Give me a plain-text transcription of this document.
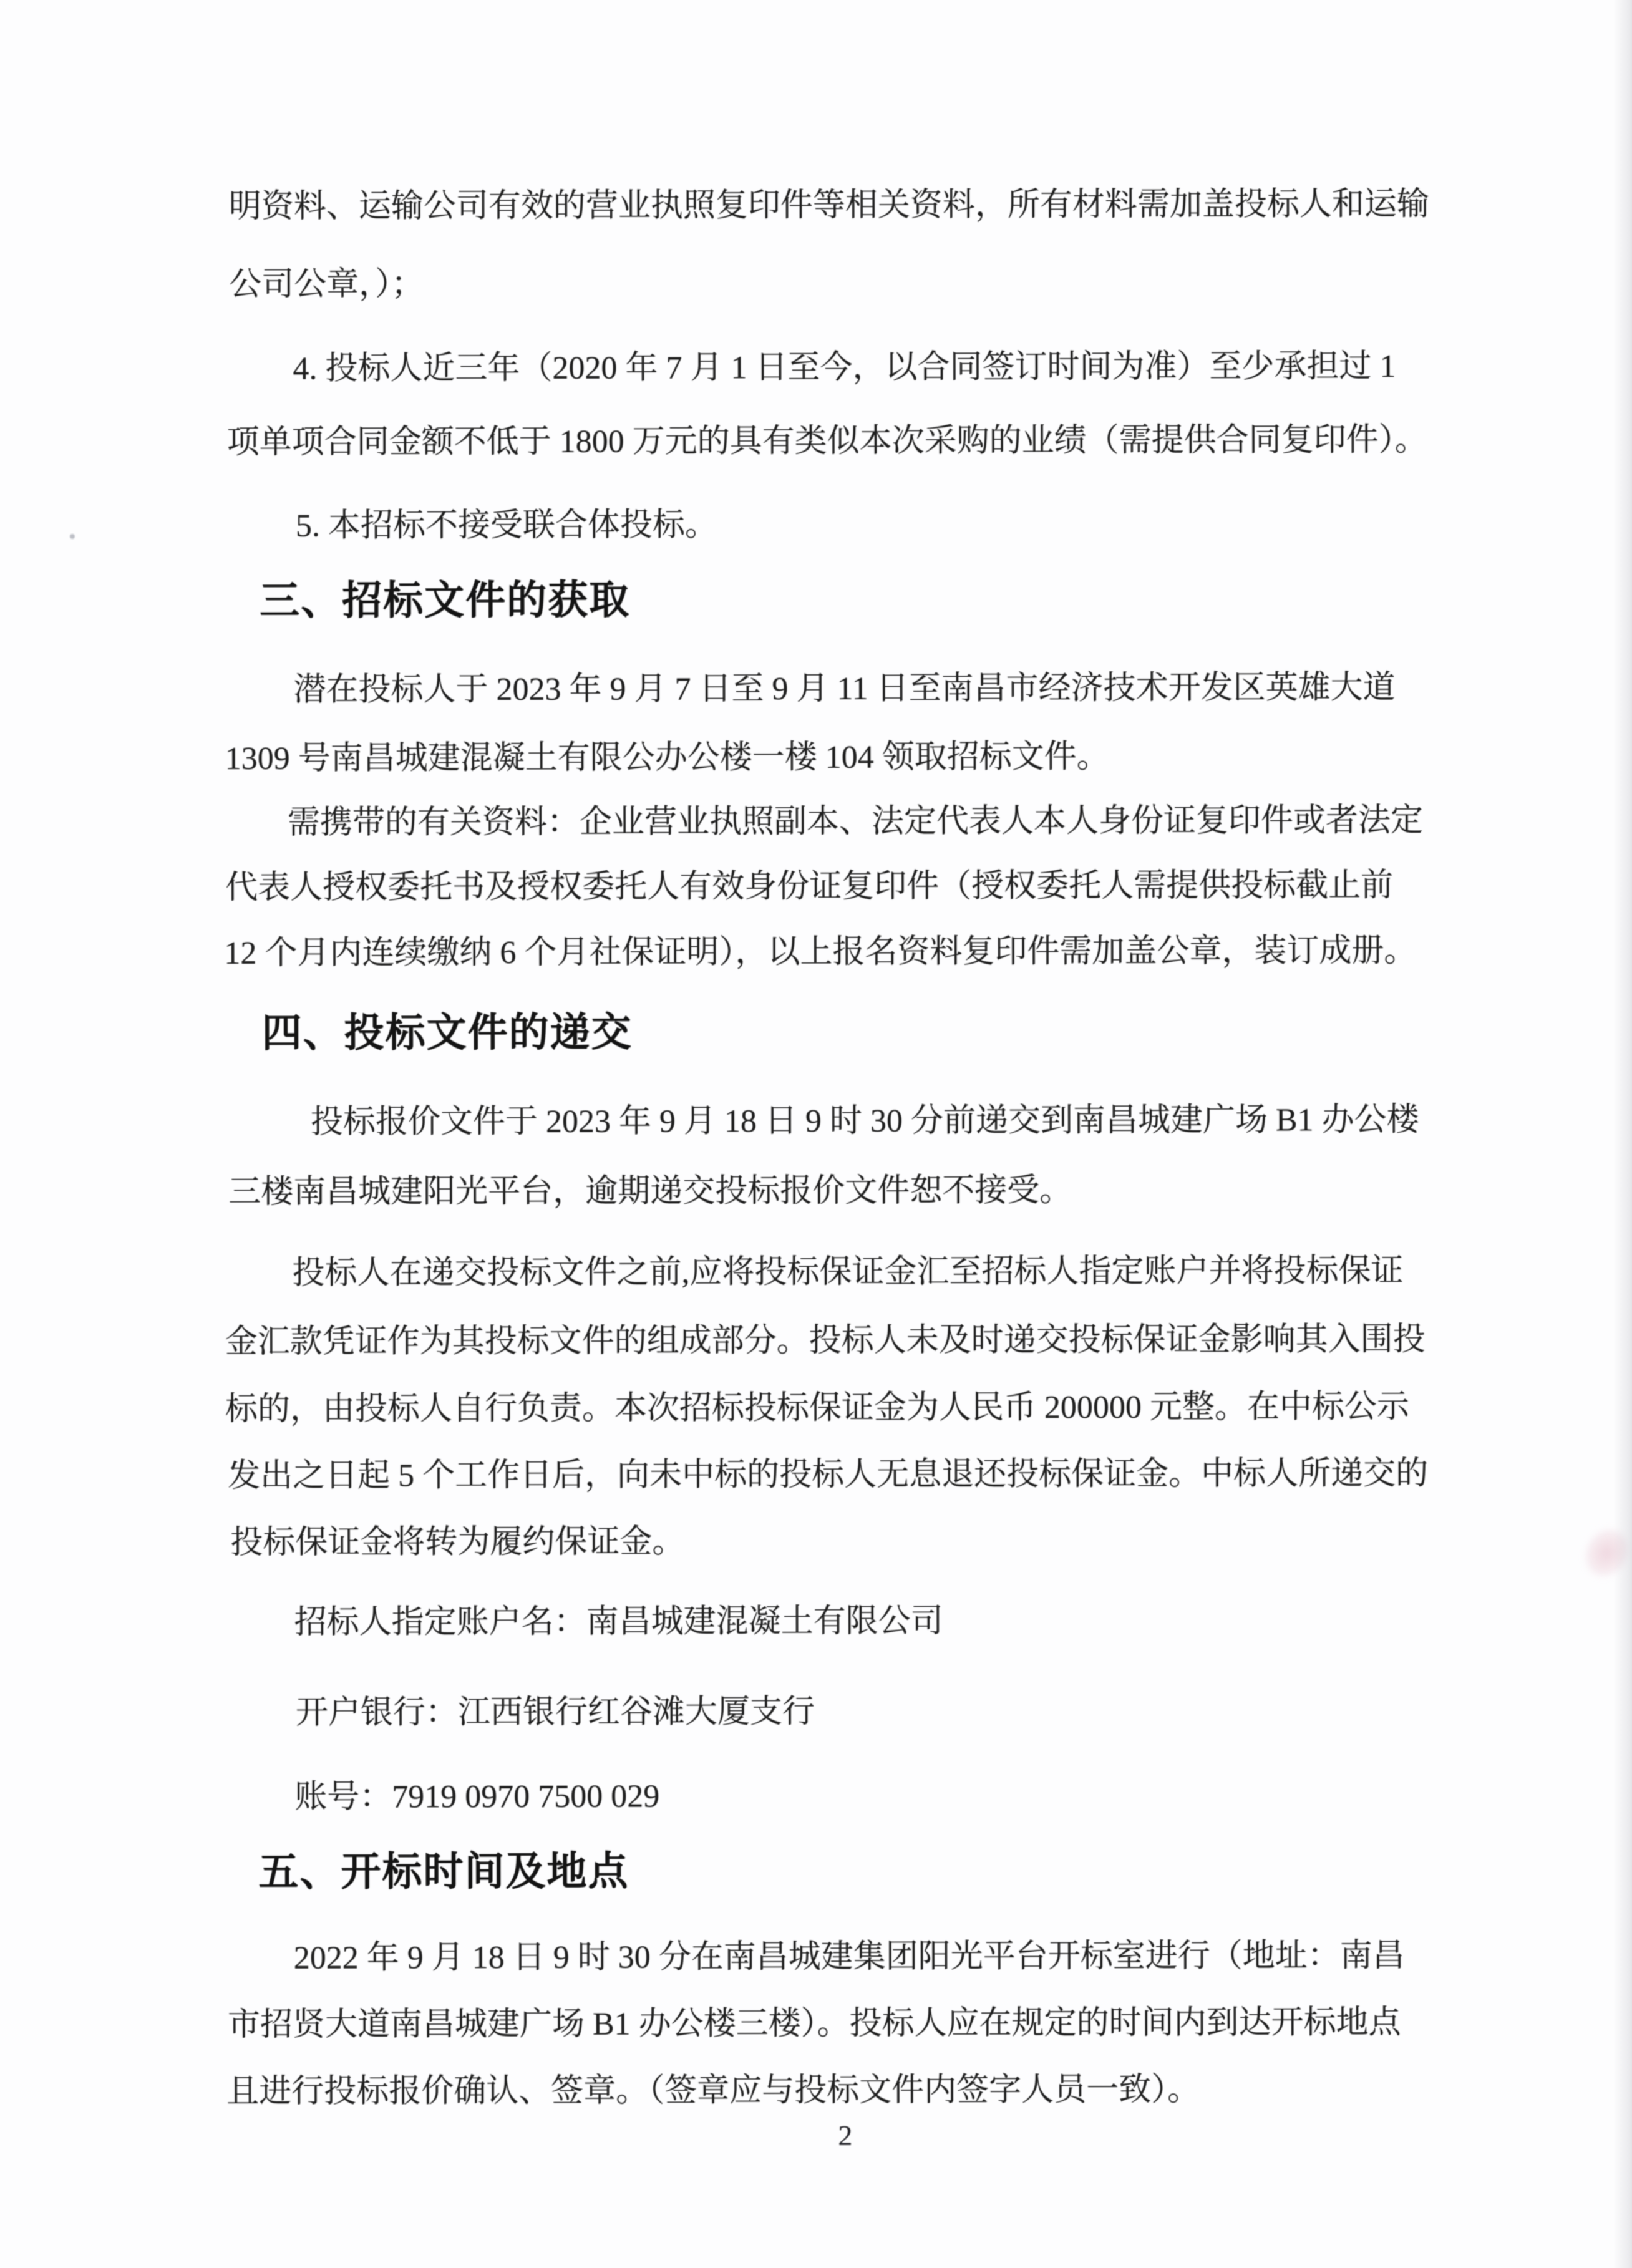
明资料、运输公司有效的营业执照复印件等相关资料，所有材料需加盖投标人和运输
公司公章，）；
4. 投标人近三年（2020 年 7 月 1 日至今，以合同签订时间为准）至少承担过 1
项单项合同金额不低于 1800 万元的具有类似本次采购的业绩（需提供合同复印件）。
5. 本招标不接受联合体投标。
三、招标文件的获取
潜在投标人于 2023 年 9 月 7 日至 9 月 11 日至南昌市经济技术开发区英雄大道
1309 号南昌城建混凝土有限公办公楼一楼 104 领取招标文件。
需携带的有关资料：企业营业执照副本、法定代表人本人身份证复印件或者法定
代表人授权委托书及授权委托人有效身份证复印件（授权委托人需提供投标截止前
12 个月内连续缴纳 6 个月社保证明），以上报名资料复印件需加盖公章，装订成册。
四、投标文件的递交
投标报价文件于 2023 年 9 月 18 日 9 时 30 分前递交到南昌城建广场 B1 办公楼
三楼南昌城建阳光平台，逾期递交投标报价文件恕不接受。
投标人在递交投标文件之前,应将投标保证金汇至招标人指定账户并将投标保证
金汇款凭证作为其投标文件的组成部分。投标人未及时递交投标保证金影响其入围投
标的，由投标人自行负责。本次招标投标保证金为人民币 200000 元整。在中标公示
发出之日起 5 个工作日后，向未中标的投标人无息退还投标保证金。中标人所递交的
投标保证金将转为履约保证金。
招标人指定账户名：南昌城建混凝土有限公司
开户银行：江西银行红谷滩大厦支行
账号：7919 0970 7500 029
五、开标时间及地点
2022 年 9 月 18 日 9 时 30 分在南昌城建集团阳光平台开标室进行（地址：南昌
市招贤大道南昌城建广场 B1 办公楼三楼）。投标人应在规定的时间内到达开标地点
且进行投标报价确认、签章。（签章应与投标文件内签字人员一致）。
2
